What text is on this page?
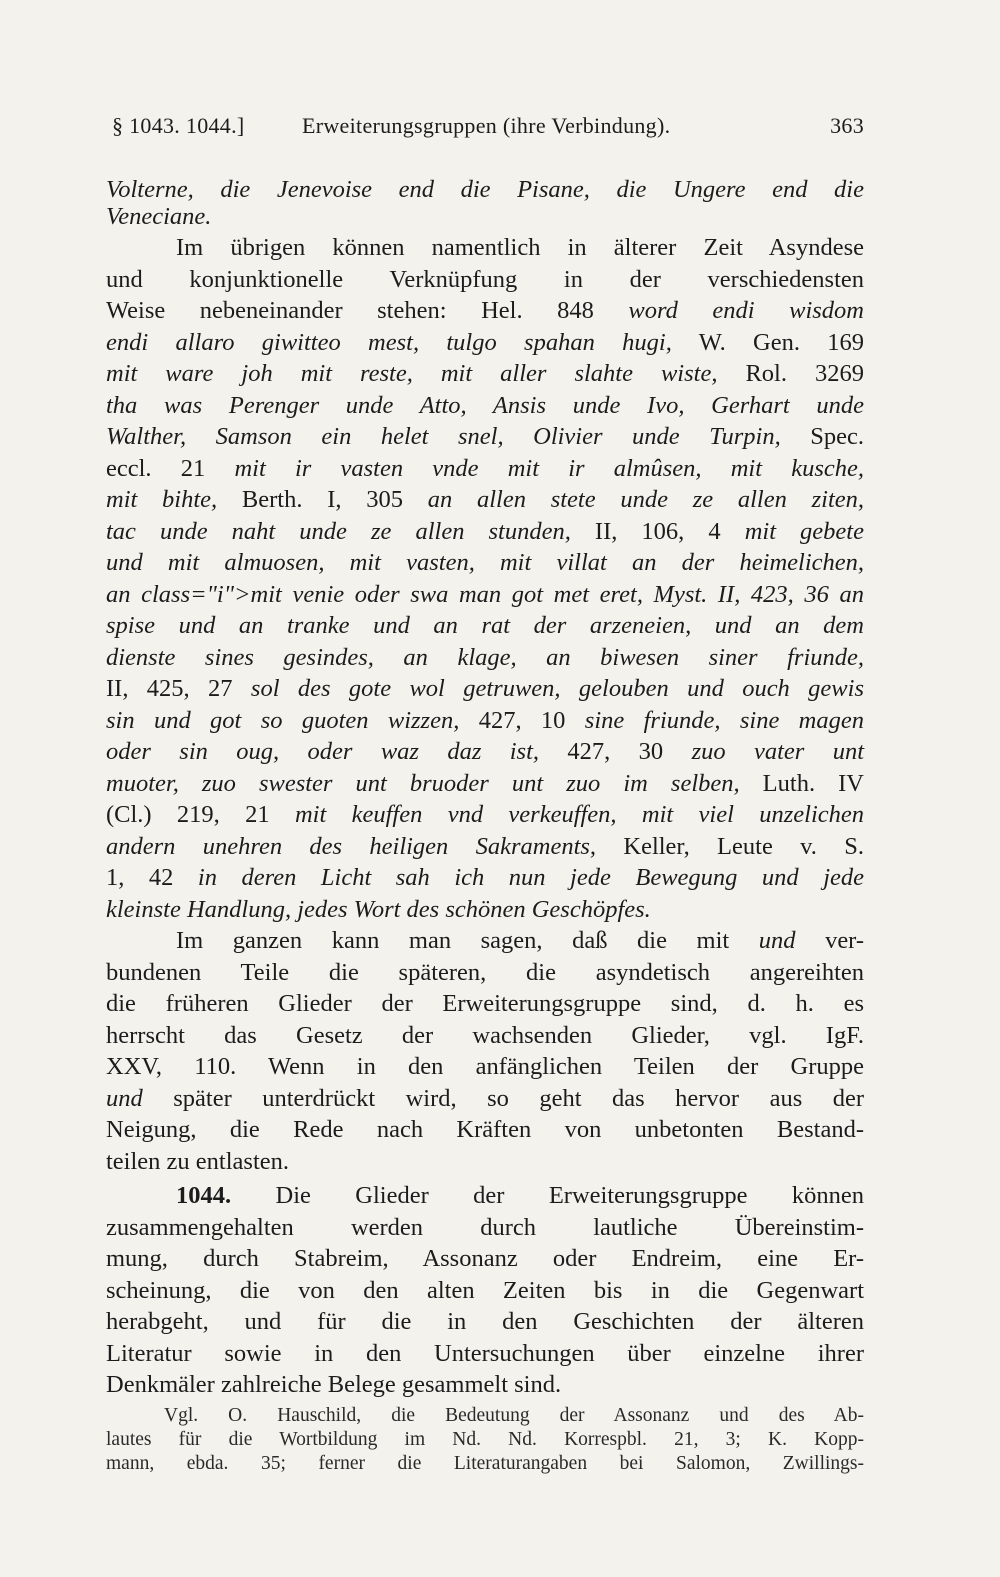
§ 1043. 1044.]	Erweiterungsgruppen (ihre Verbindung).	363
Volterne, die Jenevoise end die Pisane, die Ungere end die
Veneciane.
Im übrigen können namentlich in älterer Zeit Asyndese
und konjunktionelle Verknüpfung in der verschiedensten
Weise nebeneinander stehen: Hel. 848 word endi wisdom
endi allaro giwitteo mest, tulgo spahan hugi, W. Gen. 169
mit ware joh mit reste, mit aller slahte wiste, Rol. 3269
tha was Perenger unde Atto, Ansis unde Ivo, Gerhart unde
Walther, Samson ein helet snel, Olivier unde Turpin, Spec.
eccl. 21 mit ir vasten vnde mit ir almûsen, mit kusche,
mit bihte, Berth. I, 305 an allen stete unde ze allen ziten,
tac unde naht unde ze allen stunden, II, 106, 4 mit gebete
und mit almuosen, mit vasten, mit villat an der heimelichen,
an class="i">mit venie oder swa man got met eret, Myst. II, 423, 36 an
spise und an tranke und an rat der arzeneien, und an dem
dienste sines gesindes, an klage, an biwesen siner friunde,
II, 425, 27 sol des gote wol getruwen, gelouben und ouch gewis
sin und got so guoten wizzen, 427, 10 sine friunde, sine magen
oder sin oug, oder waz daz ist, 427, 30 zuo vater unt
muoter, zuo swester unt bruoder unt zuo im selben, Luth. IV
(Cl.) 219, 21 mit keuffen vnd verkeuffen, mit viel unzelichen
andern unehren des heiligen Sakraments, Keller, Leute v. S.
1, 42 in deren Licht sah ich nun jede Bewegung und jede
kleinste Handlung, jedes Wort des schönen Geschöpfes.
Im ganzen kann man sagen, daß die mit und ver-
bundenen Teile die späteren, die asyndetisch angereihten
die früheren Glieder der Erweiterungsgruppe sind, d. h. es
herrscht das Gesetz der wachsenden Glieder, vgl. IgF.
XXV, 110. Wenn in den anfänglichen Teilen der Gruppe
und später unterdrückt wird, so geht das hervor aus der
Neigung, die Rede nach Kräften von unbetonten Bestand-
teilen zu entlasten.
1044. Die Glieder der Erweiterungsgruppe können
zusammengehalten werden durch lautliche Übereinstim-
mung, durch Stabreim, Assonanz oder Endreim, eine Er-
scheinung, die von den alten Zeiten bis in die Gegenwart
herabgeht, und für die in den Geschichten der älteren
Literatur sowie in den Untersuchungen über einzelne ihrer
Denkmäler zahlreiche Belege gesammelt sind.
Vgl. O. Hauschild, die Bedeutung der Assonanz und des Ab-
lautes für die Wortbildung im Nd. Nd. Korrespbl. 21, 3; K. Kopp-
mann, ebda. 35; ferner die Literaturangaben bei Salomon, Zwillings-
